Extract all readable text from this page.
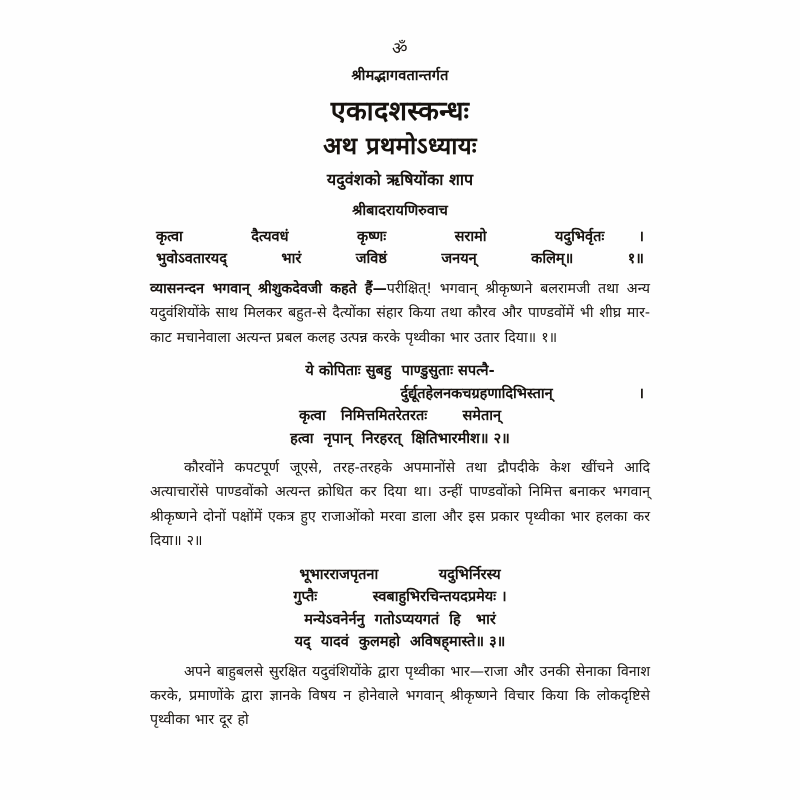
ॐ
श्रीमद्भागवतान्तर्गत
एकादशस्कन्धः
अथ प्रथमोऽध्यायः
यदुवंशको ऋषियोंका शाप
श्रीबादरायणिरुवाच
कृत्वा  दैत्यवधं  कृष्णः  सरामो  यदुभिर्वृतः ।
भुवोऽवतारयद् भारं जविष्ठं जनयन् कलिम्॥ १॥
व्यासनन्दन भगवान् श्रीशुकदेवजी कहते हैं—परीक्षित्! भगवान् श्रीकृष्णने बलरामजी तथा अन्य यदुवंशियोंके साथ मिलकर बहुत-से दैत्योंका संहार किया तथा कौरव और पाण्डवोंमें भी शीघ्र मार-काट मचानेवाला अत्यन्त प्रबल कलह उत्पन्न करके पृथ्वीका भार उतार दिया॥ १॥
ये कोपिताः सुबहु  पाण्डुसुताः सपत्नै-
र्दुर्द्यूतहेलनकचग्रहणादिभिस्तान्                 ।
कृत्वा   निमित्तमितरेतरतः       समेतान्
हत्वा  नृपान्  निरहरत्  क्षितिभारमीश॥ २॥
कौरवोंने कपटपूर्ण जूएसे, तरह-तरहके अपमानोंसे तथा द्रौपदीके केश खींचने आदि अत्याचारोंसे पाण्डवोंको अत्यन्त क्रोधित कर दिया था। उन्हीं पाण्डवोंको निमित्त बनाकर भगवान् श्रीकृष्णने दोनों पक्षोंमें एकत्र हुए राजाओंको मरवा डाला और इस प्रकार पृथ्वीका भार हलका कर दिया॥ २॥
भूभारराजपृतना            यदुभिर्निरस्य
गुप्तैः           स्वबाहुभिरचिन्तयदप्रमेयः ।
मन्येऽवनेर्ननु  गतोऽप्ययगतं  हि   भारं
यद्  यादवं  कुलमहो  अविषह्‌मास्ते॥ ३॥
अपने बाहुबलसे सुरक्षित यदुवंशियोंके द्वारा पृथ्वीका भार—राजा और उनकी सेनाका विनाश करके, प्रमाणोंके द्वारा ज्ञानके विषय न होनेवाले भगवान् श्रीकृष्णने विचार किया कि लोकदृष्टिसे पृथ्वीका भार दूर हो
